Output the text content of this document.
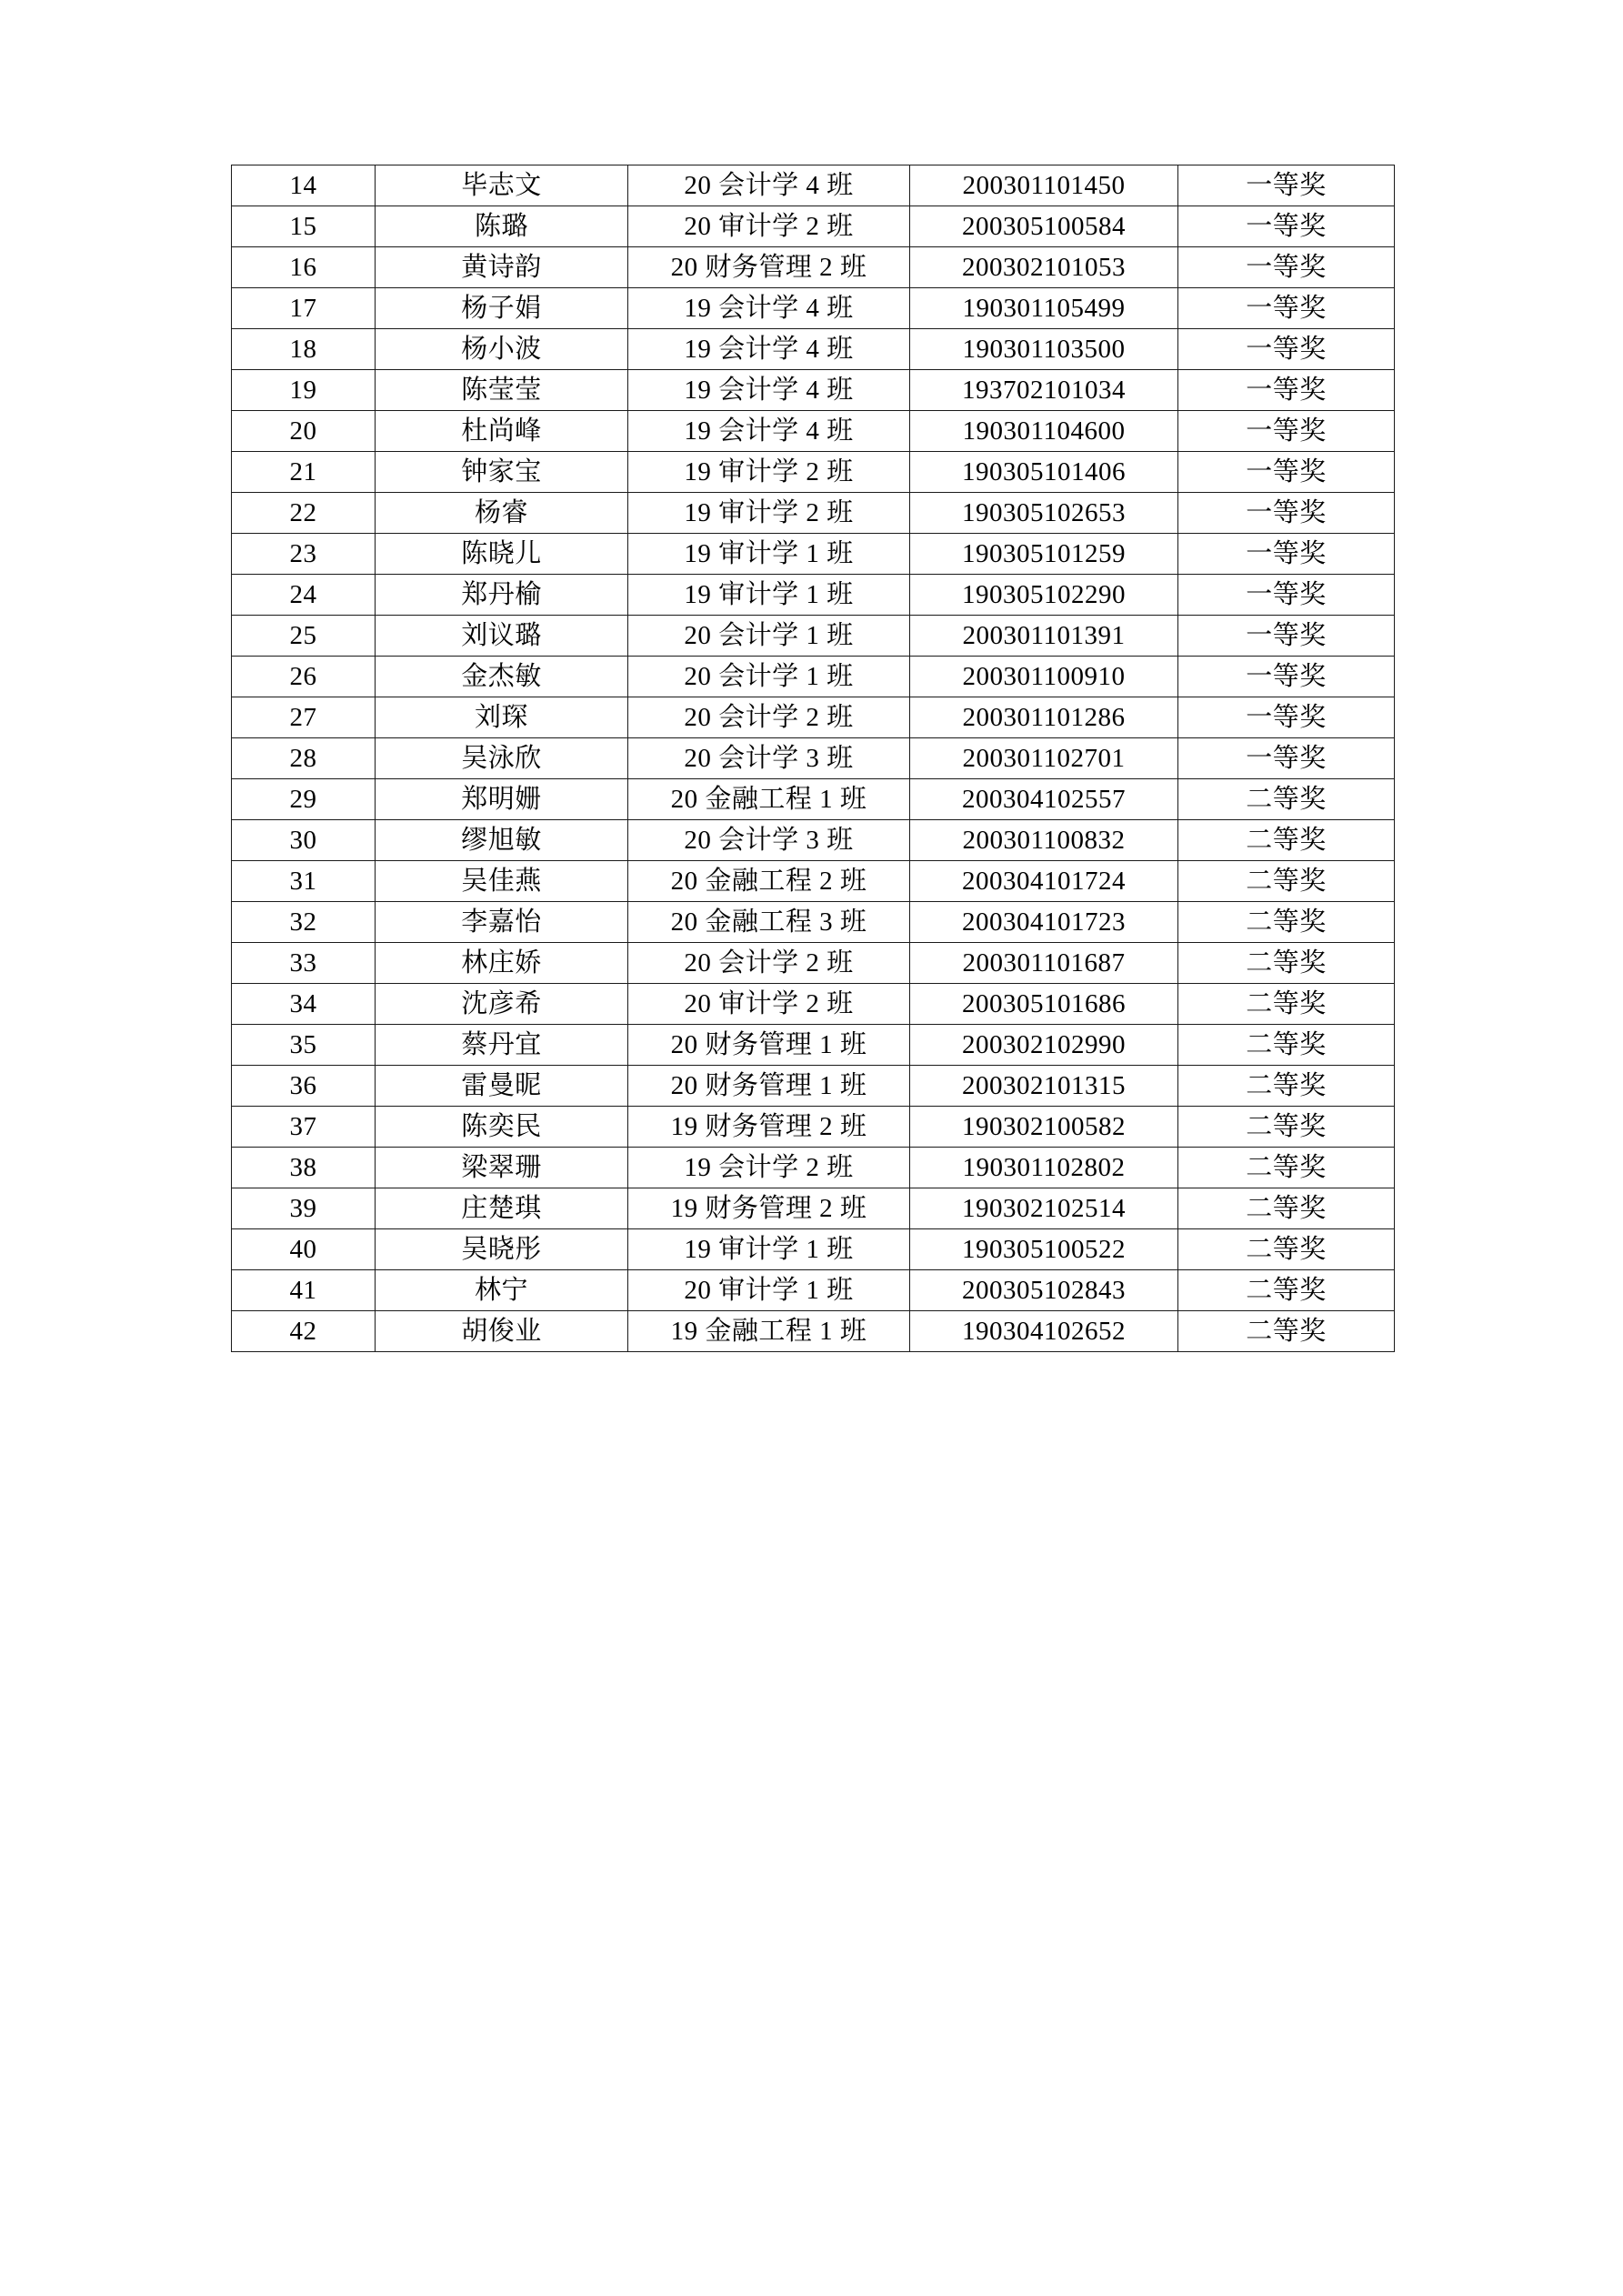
14	毕志文	20 会计学 4 班	200301101450	一等奖
15	陈璐	20 审计学 2 班	200305100584	一等奖
16	黄诗韵	20 财务管理 2 班	200302101053	一等奖
17	杨子娟	19 会计学 4 班	190301105499	一等奖
18	杨小波	19 会计学 4 班	190301103500	一等奖
19	陈莹莹	19 会计学 4 班	193702101034	一等奖
20	杜尚峰	19 会计学 4 班	190301104600	一等奖
21	钟家宝	19 审计学 2 班	190305101406	一等奖
22	杨睿	19 审计学 2 班	190305102653	一等奖
23	陈晓儿	19 审计学 1 班	190305101259	一等奖
24	郑丹榆	19 审计学 1 班	190305102290	一等奖
25	刘议璐	20 会计学 1 班	200301101391	一等奖
26	金杰敏	20 会计学 1 班	200301100910	一等奖
27	刘琛	20 会计学 2 班	200301101286	一等奖
28	吴泳欣	20 会计学 3 班	200301102701	一等奖
29	郑明姗	20 金融工程 1 班	200304102557	二等奖
30	缪旭敏	20 会计学 3 班	200301100832	二等奖
31	吴佳燕	20 金融工程 2 班	200304101724	二等奖
32	李嘉怡	20 金融工程 3 班	200304101723	二等奖
33	林庄娇	20 会计学 2 班	200301101687	二等奖
34	沈彦希	20 审计学 2 班	200305101686	二等奖
35	蔡丹宜	20 财务管理 1 班	200302102990	二等奖
36	雷曼昵	20 财务管理 1 班	200302101315	二等奖
37	陈奕民	19 财务管理 2 班	190302100582	二等奖
38	梁翠珊	19 会计学 2 班	190301102802	二等奖
39	庄楚琪	19 财务管理 2 班	190302102514	二等奖
40	吴晓彤	19 审计学 1 班	190305100522	二等奖
41	林宁	20 审计学 1 班	200305102843	二等奖
42	胡俊业	19 金融工程 1 班	190304102652	二等奖
